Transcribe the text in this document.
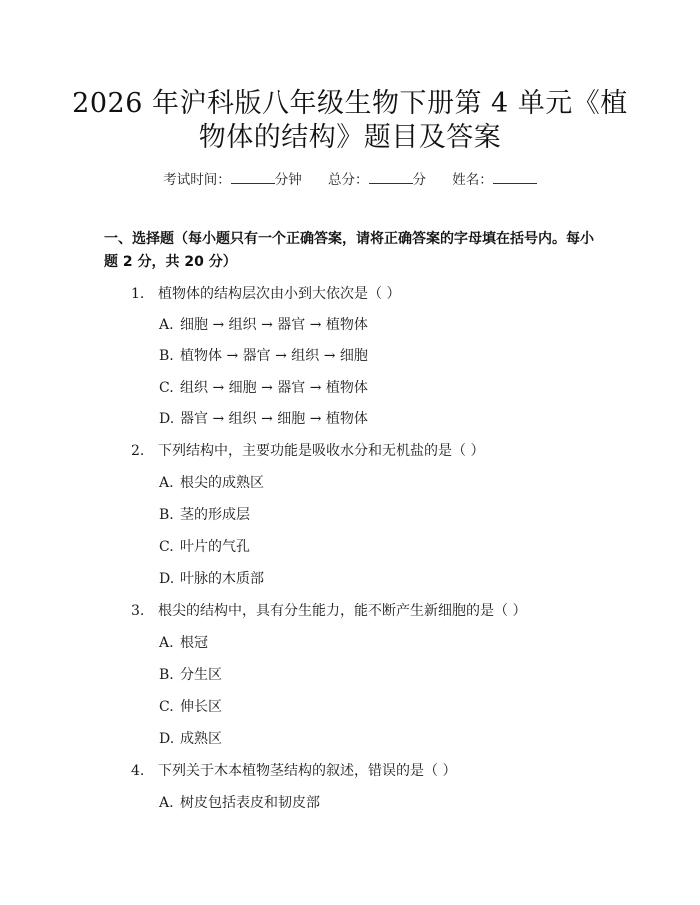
2026 年沪科版八年级生物下册第 4 单元《植
物体的结构》题目及答案
考试时间：	分钟 总分：	分 姓名：
一、选择题（每小题只有一个正确答案，请将正确答案的字母填在括号内。每小题 2 分，共 20 分）
1. 植物体的结构层次由小到大依次是（ ）
A. 细胞 → 组织 → 器官 → 植物体
B. 植物体 → 器官 → 组织 → 细胞
C. 组织 → 细胞 → 器官 → 植物体
D. 器官 → 组织 → 细胞 → 植物体
2. 下列结构中，主要功能是吸收水分和无机盐的是（ ）
A. 根尖的成熟区
B. 茎的形成层
C. 叶片的气孔
D. 叶脉的木质部
3. 根尖的结构中，具有分生能力，能不断产生新细胞的是（ ）
A. 根冠
B. 分生区
C. 伸长区
D. 成熟区
4. 下列关于木本植物茎结构的叙述，错误的是（ ）
A. 树皮包括表皮和韧皮部
